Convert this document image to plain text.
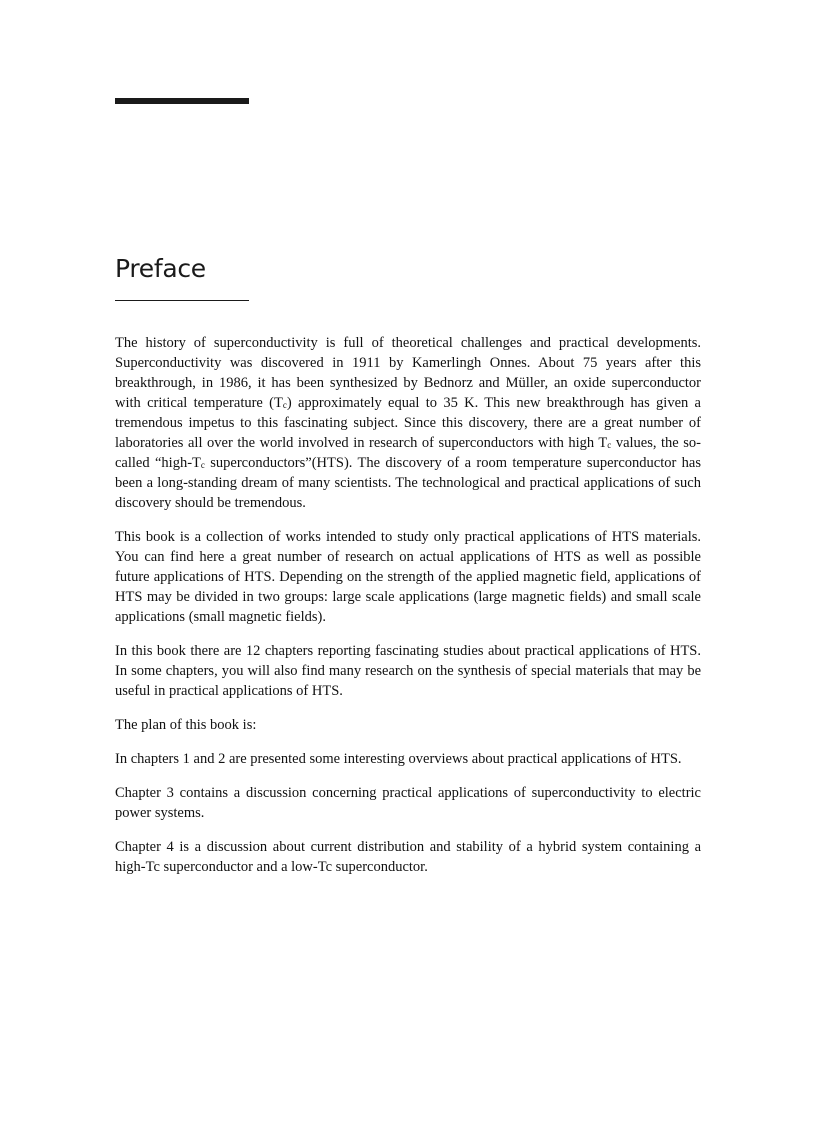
Preface

The history of superconductivity is full of theoretical challenges and practical developments. Superconductivity was discovered in 1911 by Kamerlingh Onnes. About 75 years after this breakthrough, in 1986, it has been synthesized by Bednorz and Müller, an oxide superconductor with critical temperature $(T_c)$ approximately equal to 35 K. This new breakthrough has given a tremendous impetus to this fascinating subject. Since this discovery, there are a great number of laboratories all over the world involved in research of superconductors with high $T_c$ values, the so-called “$high-T_c$ superconductors”(HTS). The discovery of a room temperature superconductor has been a long-standing dream of many scientists. The technological and practical applications of such discovery should be tremendous.

This book is a collection of works intended to study only practical applications of HTS materials. You can find here a great number of research on actual applications of HTS as well as possible future applications of HTS. Depending on the strength of the applied magnetic field, applications of HTS may be divided in two groups: large scale applications (large magnetic fields) and small scale applications (small magnetic fields).

In this book there are 12 chapters reporting fascinating studies about practical applications of HTS. In some chapters, you will also find many research on the synthesis of special materials that may be useful in practical applications of HTS.

The plan of this book is:

In chapters 1 and 2 are presented some interesting overviews about practical applications of HTS.

Chapter 3 contains a discussion concerning practical applications of superconductivity to electric power systems.

Chapter 4 is a discussion about current distribution and stability of a hybrid system containing a high-Tc superconductor and a low-Tc superconductor.
